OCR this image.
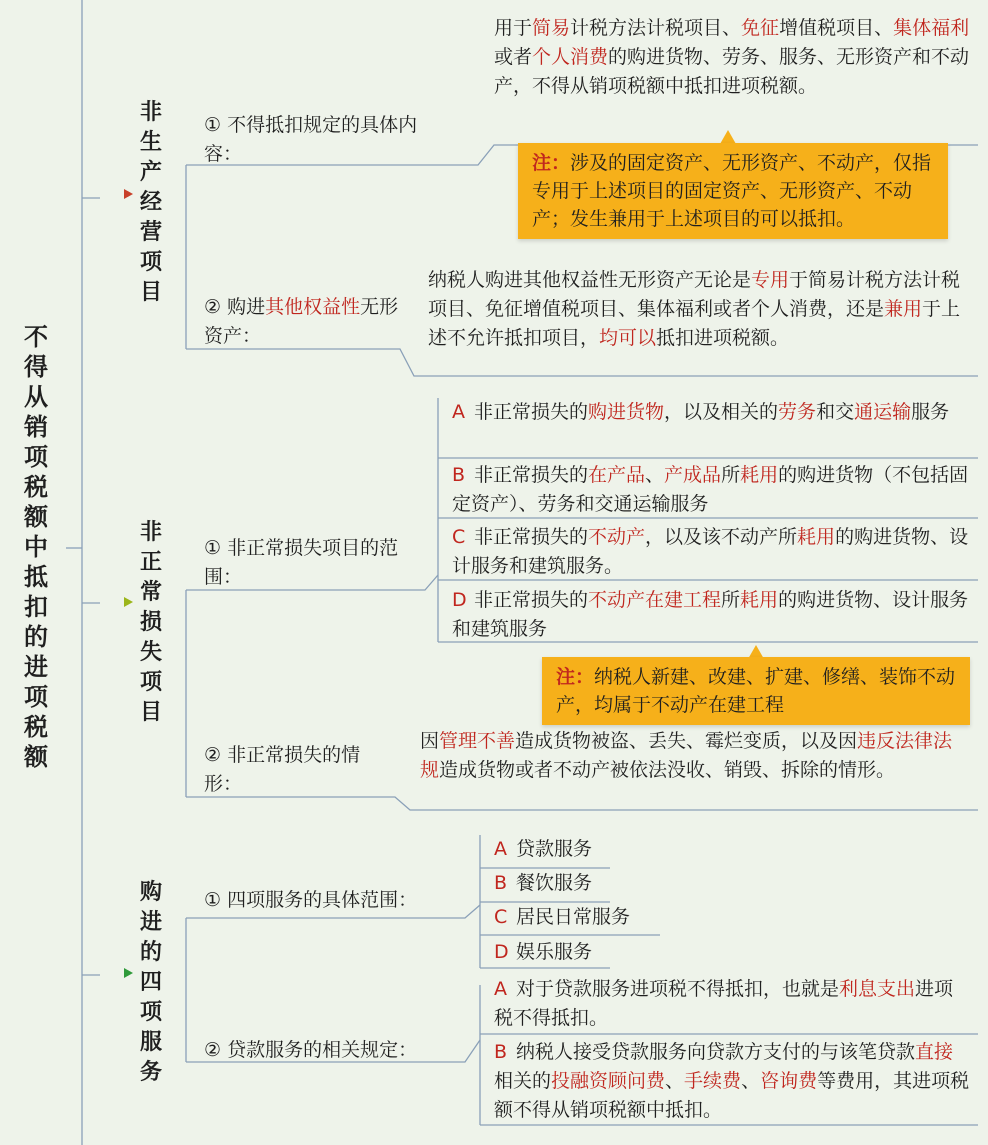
不得从销项税额中抵扣的进项税额
非生产经营项目
① 不得抵扣规定的具体内容：
用于简易计税方法计税项目、免征增值税项目、集体福利或者个人消费的购进货物、劳务、服务、无形资产和不动产，不得从销项税额中抵扣进项税额。
注：涉及的固定资产、无形资产、不动产，仅指专用于上述项目的固定资产、无形资产、不动产；发生兼用于上述项目的可以抵扣。
② 购进其他权益性无形资产：
纳税人购进其他权益性无形资产无论是专用于简易计税方法计税项目、免征增值税项目、集体福利或者个人消费，还是兼用于上述不允许抵扣项目，均可以抵扣进项税额。
非正常损失项目
① 非正常损失项目的范围：
A 非正常损失的购进货物，以及相关的劳务和交通运输服务
B 非正常损失的在产品、产成品所耗用的购进货物（不包括固定资产）、劳务和交通运输服务
C 非正常损失的不动产，以及该不动产所耗用的购进货物、设计服务和建筑服务。
D 非正常损失的不动产在建工程所耗用的购进货物、设计服务和建筑服务
注：纳税人新建、改建、扩建、修缮、装饰不动产，均属于不动产在建工程
② 非正常损失的情形：
因管理不善造成货物被盗、丢失、霉烂变质，以及因违反法律法规造成货物或者不动产被依法没收、销毁、拆除的情形。
购进的四项服务
① 四项服务的具体范围：
A 贷款服务
B 餐饮服务
C 居民日常服务
D 娱乐服务
② 贷款服务的相关规定：
A 对于贷款服务进项税不得抵扣，也就是利息支出进项税不得抵扣。
B 纳税人接受贷款服务向贷款方支付的与该笔贷款直接相关的投融资顾问费、手续费、咨询费等费用，其进项税额不得从销项税额中抵扣。
